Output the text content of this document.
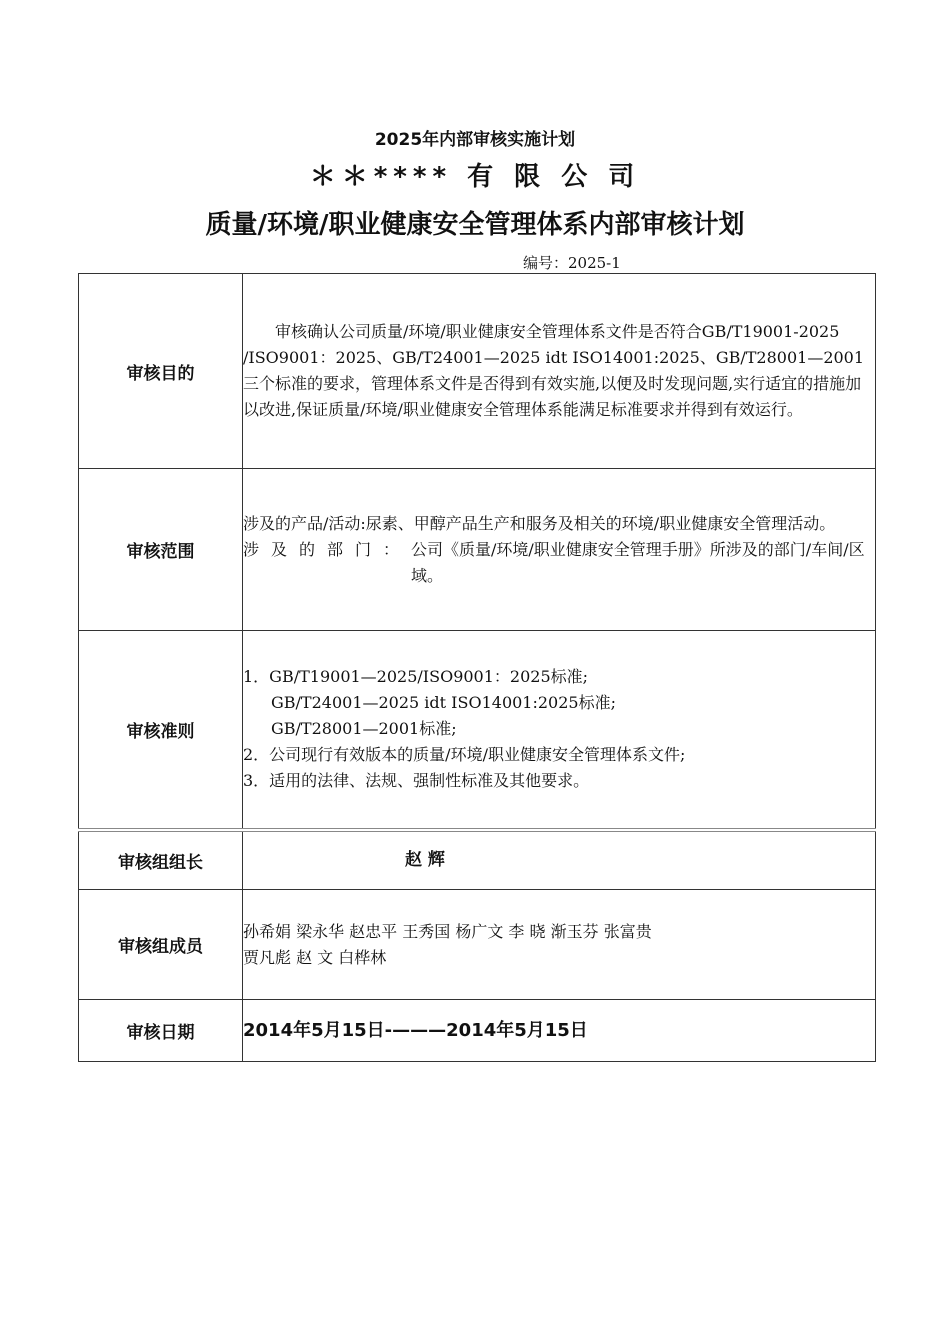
2025年内部审核实施计划
＊＊**** 有 限 公 司
质量/环境/职业健康安全管理体系内部审核计划
编号：2025-1
审核目的	审核确认公司质量/环境/职业健康安全管理体系文件是否符合GB/T19001-2025 /ISO9001：2025、GB/T24001—2025 idt ISO14001:2025、GB/T28001—2001三个标准的要求，管理体系文件是否得到有效实施,以便及时发现问题,实行适宜的措施加以改进,保证质量/环境/职业健康安全管理体系能满足标准要求并得到有效运行。

审核范围	涉及的产品/活动: 尿素、甲醇产品生产和服务及相关的环境/职业健康安全管理活动。
涉及的部门： 公司《质量/环境/职业健康安全管理手册》所涉及的部门/车间/区域。

审核准则	1．GB/T19001—2025/ISO9001：2025标准;
GB/T24001—2025 idt ISO14001:2025标准;
GB/T28001—2001标准;
2．公司现行有效版本的质量/环境/职业健康安全管理体系文件;
3．适用的法律、法规、强制性标准及其他要求。

审核组组长	赵 辉

审核组成员	孙希娟 梁永华 赵忠平 王秀国 杨广文 李 晓 渐玉芬 张富贵
贾凡彪 赵 文 白桦林

审核日期	2014年5月15日-———2014年5月15日
